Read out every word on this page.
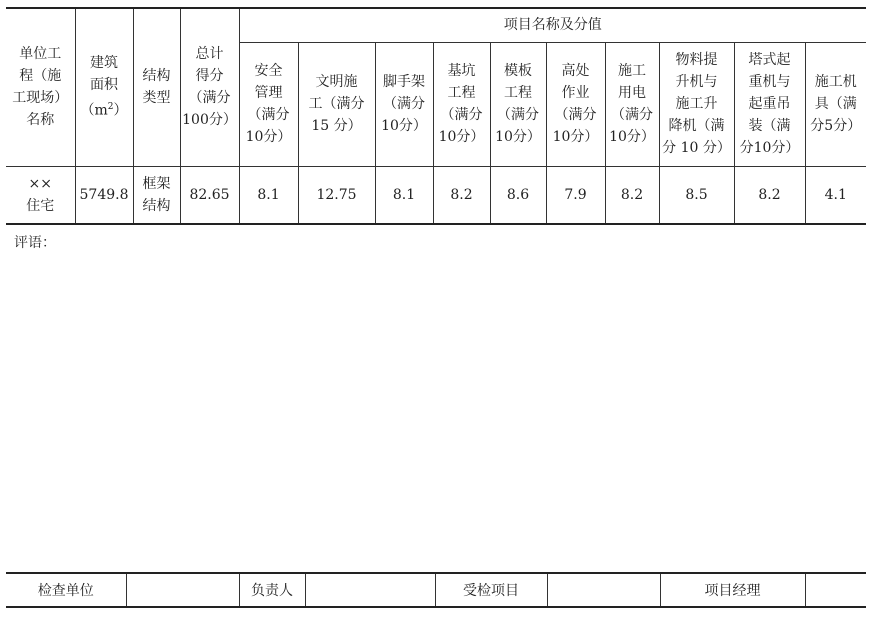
单位工
程（施
工现场）
名称	建筑
面积
$(m^2)$	结构
类型	总计
得分
（满分
100分）	项目名称及分值									
				安全
管理
（满分
10分）	文明施
工（满分
15 分）	脚手架
（满分
10分）	基坑
工程
（满分
10分）	模板
工程
（满分
10分）	高处
作业
（满分
10分）	施工
用电
（满分
10分）	物料提
升机与
施工升
降机（满
分 10 分）	塔式起
重机与
起重吊
装（满
分10分）	施工机
具（满
分5分）
××
住宅	5749.8	框架
结构	82.65	8.1	12.75	8.1	8.2	8.6	7.9	8.2	8.5	8.2	4.1
评语：
检查单位		负责人		受检项目		项目经理	
